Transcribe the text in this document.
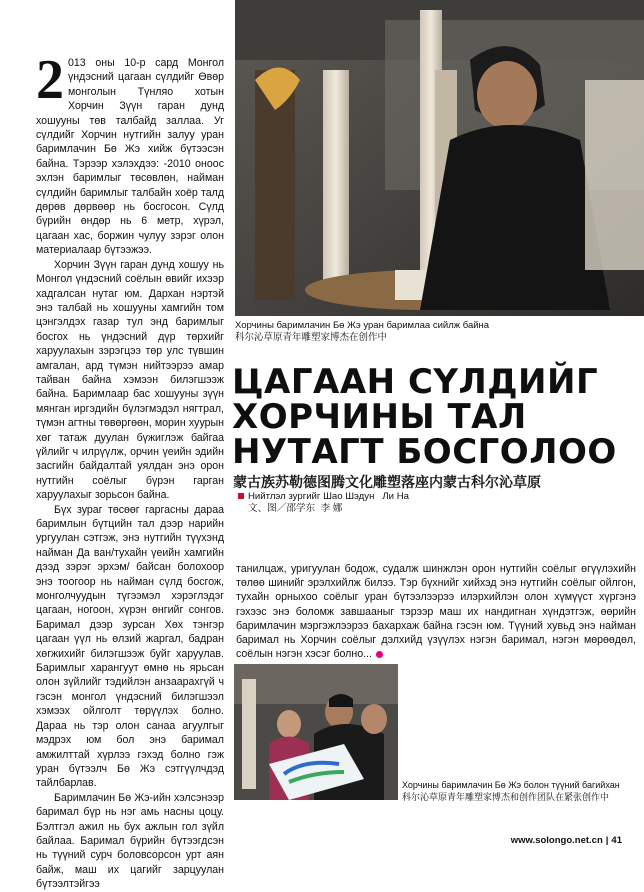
2 013 оны 10-р сард Монгол үндэсний цагаан сүлдийг Өвөр монголын Түнляо хотын Хорчин Зүүн гаран дунд хошууны төв талбайд заллаа. Уг сүлдийг Хорчин нутгийн залуу уран баримлачин Бө Жэ хийж бүтээсэн байна. Тэрээр хэлэхдээ: -2010 оноос эхлэн баримлыг төсөвлөн, найман сүлдийн баримлыг талбайн хоёр талд дөрөв дөрвөөр нь босгосон. Сүлд бүрийн өндөр нь 6 метр, хүрэл, цагаан хас, боржин чулуу зэрэг олон материалаар бүтээжээ.

Хорчин Зүүн гаран дунд хошуу нь Монгол үндэсний соёлын өвийг ихээр хадгалсан нутаг юм. Дархан нэртэй энэ талбай нь хошууны хамгийн том цэнгэлдэх газар тул энд баримлыг босгох нь үндэсний дүр төрхийг харуулахын зэрэгцээ төр улс түвшин амгалан, ард түмэн нийтээрээ амар тайван байна хэмээн билэгшээж байна. Баримлаар бас хошууны зүүн мянган иргэдийн бүлэгмэдэл нягтрал, түмэн агтны төвөргөөн, морин хуурын хөг татаж дуулан бүжиглэж байгаа үйлийг ч илрүүлж, орчин үеийн эдийн засгийн байдалтай уялдан энэ орон нутгийн соёлыг бүрэн гарган харуулахыг зорьсон байна.

Бүх зураг төсөөг гаргасны дараа баримлын бүтцийн тал дээр нарийн ургуулан сэтгэж, энэ нутгийн түүхэнд найман Да ван/тухайн үеийн хамгийн дээд зэрэг эрхэм/ байсан болохоор энэ тоогоор нь найман сүлд босгож, монголчуудын түгээмэл хэрэглэдэг цагаан, ногоон, хүрэн өнгийг сонгов. Баримал дээр зурсан Хөх тэнгэр цагаан үүл нь өлзий жаргал, бадран хөгжихийг билэгшээж буйг харуулав. Баримлыг харангуут өмнө нь ярьсан олон зүйлийг тэдийлэн анзаарахгүй ч гэсэн монгол үндэсний билэгшээл хэмээх ойлголт төрүүлэх болно. Дараа нь тэр олон санаа агуулгыг мэдрэх юм бол энэ баримал амжилттай хүрлээ гэхэд болно гэж уран бүтээлч Бө Жэ сэтгүүлчдэд тайлбарлав.

Баримлачин Бө Жэ-ийн хэлсэнээр баримал бүр нь нэг амь насны цоцу. Бэлтгэл ажил нь бух ажлын гол зүйл байлаа. Баримал бүрийн бүтээгдсэн нь түүний сурч боловсорсон урт аян байж, маш их цагийг зарцуулан бүтээлтэйгээ

Хорчины баримлачин Бө Жэ уран баримлаа сийлж байна
科尔沁草原青年雕塑家博杰在创作中
ЦАГААН СҮЛДИЙГ
ХОРЧИНЫ ТАЛ
НУТАГТ БОСГОЛОО
蒙古族苏勒德图腾文化雕塑落座内蒙古科尔沁草原
Нийтлэл зургийг Шао Шэдун   Ли На
文、图／邵学东  李 娜
танилцаж, уригуулан бодож, судалж шинжлэн орон нутгийн соёлыг өгүүлэхийн төлөө шинийг эрэлхийлж билээ. Тэр бүхнийг хийхэд энэ нутгийн соёлыг ойлгон, тухайн орныхоо соёлыг уран бүтээлээрээ илэрхийлэн олон хүмүүст хүргэнэ гэхээс энэ боломж завшааныг тэрээр маш их нандигнан хүндэтгэж, өөрийн баримлачин мэргэжлээрээ бахархаж байна гэсэн юм. Түүний хувьд энэ найман баримал нь Хорчин соёлыг дэлхийд үзүүлэх нэгэн баримал, нэгэн мөрөөдөл, соёлын нэгэн хэсэг болно...
Хорчины баримлачин Бө Жэ болон түүний багийхан
科尔沁草原青年雕塑家博杰和创作团队在紧张创作中
www.solongo.net.cn | 41
